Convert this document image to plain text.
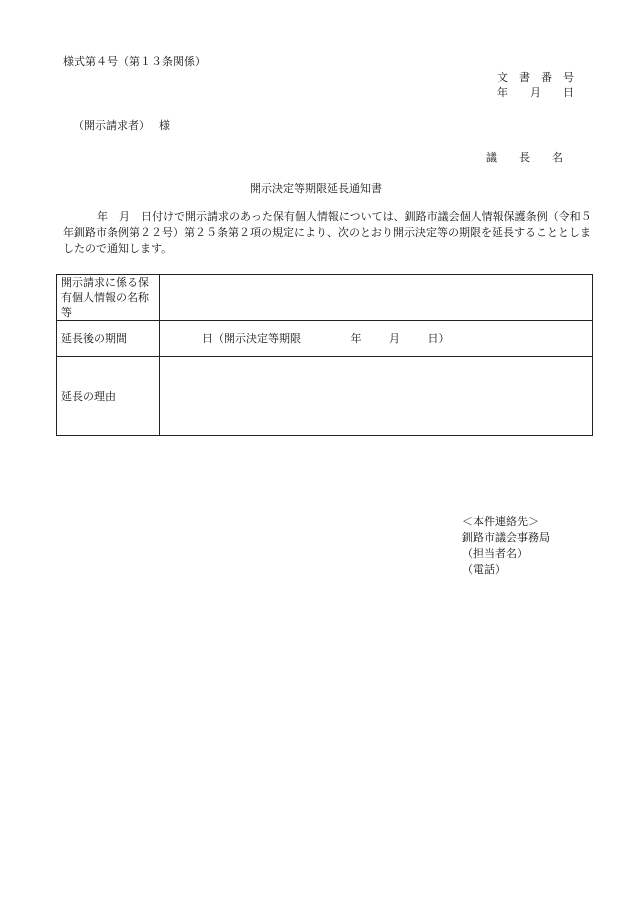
様式第４号（第１３条関係）
文　書　番　号
年　　月　　日
（開示請求者）　 様
議　　長　　名
開示決定等期限延長通知書
年　月　日付けで開示請求のあった保有個人情報については、釧路市議会個人情報保護条例（令和５年釧路市条例第２２号）第２５条第２項の規定により、次のとおり開示決定等の期限を延長することとしましたので通知します。
開示請求に係る保有個人情報の名称等	
延長後の期間	日（開示決定等期限 年 月 日）
延長の理由	
＜本件連絡先＞
釧路市議会事務局
（担当者名）
（電話）
